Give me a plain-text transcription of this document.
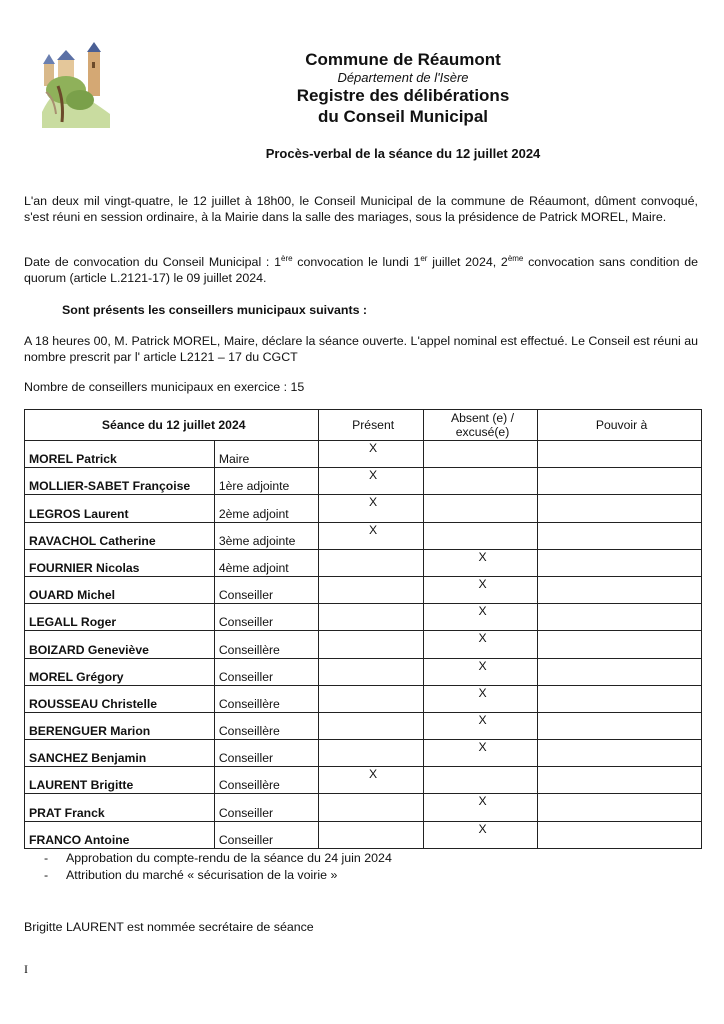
Commune de Réaumont
Département de l'Isère
Registre des délibérations
du Conseil Municipal
Procès-verbal de la séance du 12 juillet 2024
L'an deux mil vingt-quatre, le 12 juillet à 18h00, le Conseil Municipal de la commune de Réaumont, dûment convoqué, s'est réuni en session ordinaire, à la Mairie dans la salle des mariages, sous la présidence de Patrick MOREL, Maire.
Date de convocation du Conseil Municipal : 1ère convocation le lundi 1er juillet 2024, 2ème convocation sans condition de quorum (article L.2121-17) le 09 juillet 2024.
Sont présents les conseillers municipaux suivants :
A 18 heures 00, M. Patrick MOREL, Maire, déclare la séance ouverte. L'appel nominal est effectué. Le Conseil est réuni au nombre prescrit par l' article L2121 – 17 du CGCT
Nombre de conseillers municipaux en exercice : 15
Séance du 12 juillet 2024		Présent	Absent (e) / excusé(e)	Pouvoir à
MOREL Patrick	Maire	X		
MOLLIER-SABET Françoise	1ère adjointe	X		
LEGROS Laurent	2ème adjoint	X		
RAVACHOL Catherine	3ème adjointe	X		
FOURNIER Nicolas	4ème adjoint		X	
OUARD Michel	Conseiller		X	
LEGALL Roger	Conseiller		X	
BOIZARD Geneviève	Conseillère		X	
MOREL Grégory	Conseiller		X	
ROUSSEAU Christelle	Conseillère		X	
BERENGUER Marion	Conseillère		X	
SANCHEZ Benjamin	Conseiller		X	
LAURENT Brigitte	Conseillère	X		
PRAT Franck	Conseiller		X	
FRANCO Antoine	Conseiller		X	
- Approbation du compte-rendu de la séance du 24 juin 2024
- Attribution du marché « sécurisation de la voirie »
Brigitte LAURENT est nommée secrétaire de séance
I
